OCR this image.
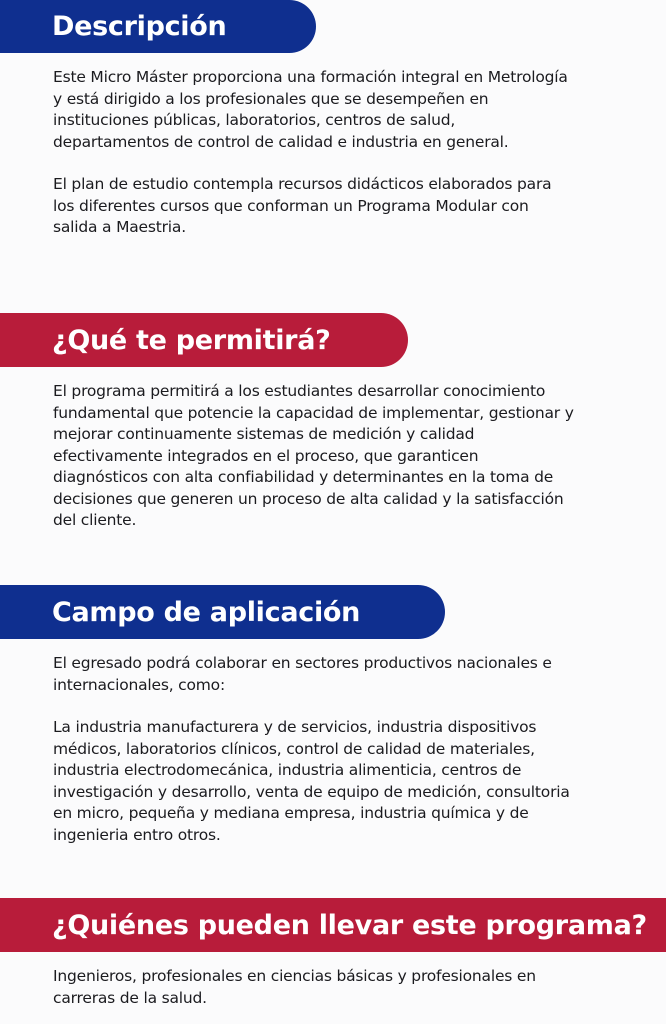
Descripción

Este Micro Máster proporciona una formación integral en Metrología y está dirigido a los profesionales que se desempeñen en instituciones públicas, laboratorios, centros de salud, departamentos de control de calidad e industria en general.

El plan de estudio contempla recursos didácticos elaborados para los diferentes cursos que conforman un Programa Modular con salida a Maestria.

¿Qué te permitirá?

El programa permitirá a los estudiantes desarrollar conocimiento fundamental que potencie la capacidad de implementar, gestionar y mejorar continuamente sistemas de medición y calidad efectivamente integrados en el proceso, que garanticen diagnósticos con alta confiabilidad y determinantes en la toma de decisiones que generen un proceso de alta calidad y la satisfacción del cliente.

Campo de aplicación

El egresado podrá colaborar en sectores productivos nacionales e internacionales, como:

La industria manufacturera y de servicios, industria dispositivos médicos, laboratorios clínicos, control de calidad de materiales, industria electrodomecánica, industria alimenticia, centros de investigación y desarrollo, venta de equipo de medición, consultoria en micro, pequeña y mediana empresa, industria química y de ingenieria entro otros.

¿Quiénes pueden llevar este programa?

Ingenieros, profesionales en ciencias básicas y profesionales en carreras de la salud.
